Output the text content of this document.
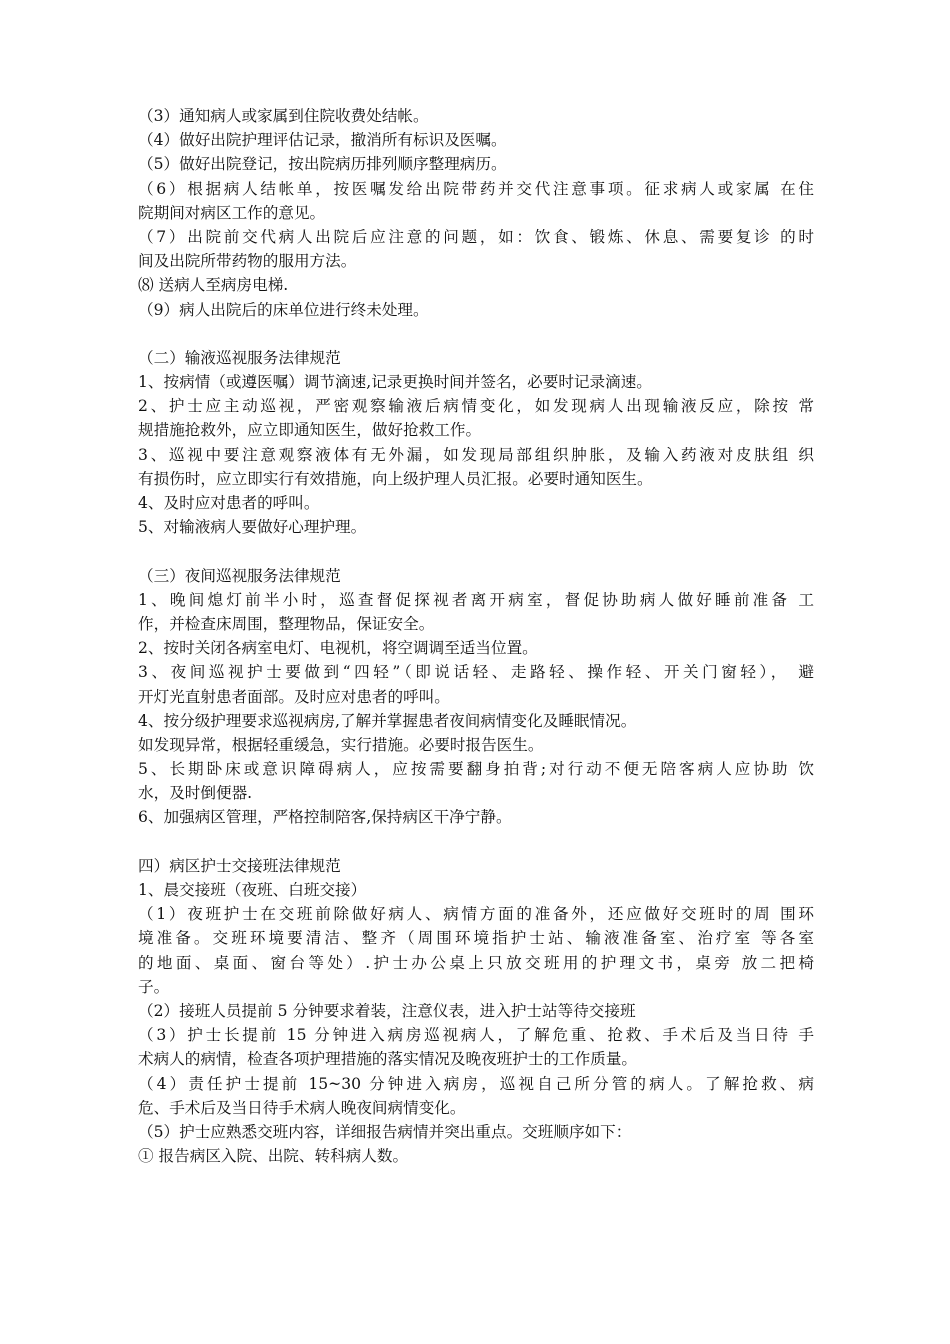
（3）通知病人或家属到住院收费处结帐。
（4）做好出院护理评估记录，撤消所有标识及医嘱。
（5）做好出院登记，按出院病历排列顺序整理病历。
（6）根据病人结帐单，按医嘱发给出院带药并交代注意事项。征求病人或家属 在住
院期间对病区工作的意见。
（7）出院前交代病人出院后应注意的问题，如：饮食、锻炼、休息、需要复诊 的时
间及出院所带药物的服用方法。
⑻ 送病人至病房电梯.
（9）病人出院后的床单位进行终未处理。
（二）输液巡视服务法律规范
1、按病情（或遵医嘱）调节滴速,记录更换时间并签名，必要时记录滴速。
2、护士应主动巡视，严密观察输液后病情变化，如发现病人出现输液反应，除按 常
规措施抢救外，应立即通知医生，做好抢救工作。
3、巡视中要注意观察液体有无外漏，如发现局部组织肿胀，及输入药液对皮肤组 织
有损伤时，应立即实行有效措施，向上级护理人员汇报。必要时通知医生。
4、及时应对患者的呼叫。
5、对输液病人要做好心理护理。
（三）夜间巡视服务法律规范
1、晚间熄灯前半小时，巡查督促探视者离开病室，督促协助病人做好睡前准备 工
作，并检查床周围，整理物品，保证安全。
2、按时关闭各病室电灯、电视机，将空调调至适当位置。
3、夜间巡视护士要做到“四轻”（即说话轻、走路轻、操作轻、开关门窗轻）， 避
开灯光直射患者面部。及时应对患者的呼叫。
4、按分级护理要求巡视病房,了解并掌握患者夜间病情变化及睡眠情况。
如发现异常，根据轻重缓急，实行措施。必要时报告医生。
5、长期卧床或意识障碍病人，应按需要翻身拍背;对行动不便无陪客病人应协助 饮
水，及时倒便器.
6、加强病区管理，严格控制陪客,保持病区干净宁静。
四）病区护士交接班法律规范
1、晨交接班（夜班、白班交接）
（1）夜班护士在交班前除做好病人、病情方面的准备外，还应做好交班时的周 围环
境准备。交班环境要清洁、整齐（周围环境指护士站、输液准备室、治疗室 等各室
的地面、桌面、窗台等处）.护士办公桌上只放交班用的护理文书，桌旁 放二把椅
子。
（2）接班人员提前 5 分钟要求着装，注意仪表，进入护士站等待交接班
（3）护士长提前 15 分钟进入病房巡视病人，了解危重、抢救、手术后及当日待 手
术病人的病情，检查各项护理措施的落实情况及晚夜班护士的工作质量。
（4）责任护士提前 15~30 分钟进入病房，巡视自己所分管的病人。了解抢救、病
危、手术后及当日待手术病人晚夜间病情变化。
（5）护士应熟悉交班内容，详细报告病情并突出重点。交班顺序如下：
① 报告病区入院、出院、转科病人数。
